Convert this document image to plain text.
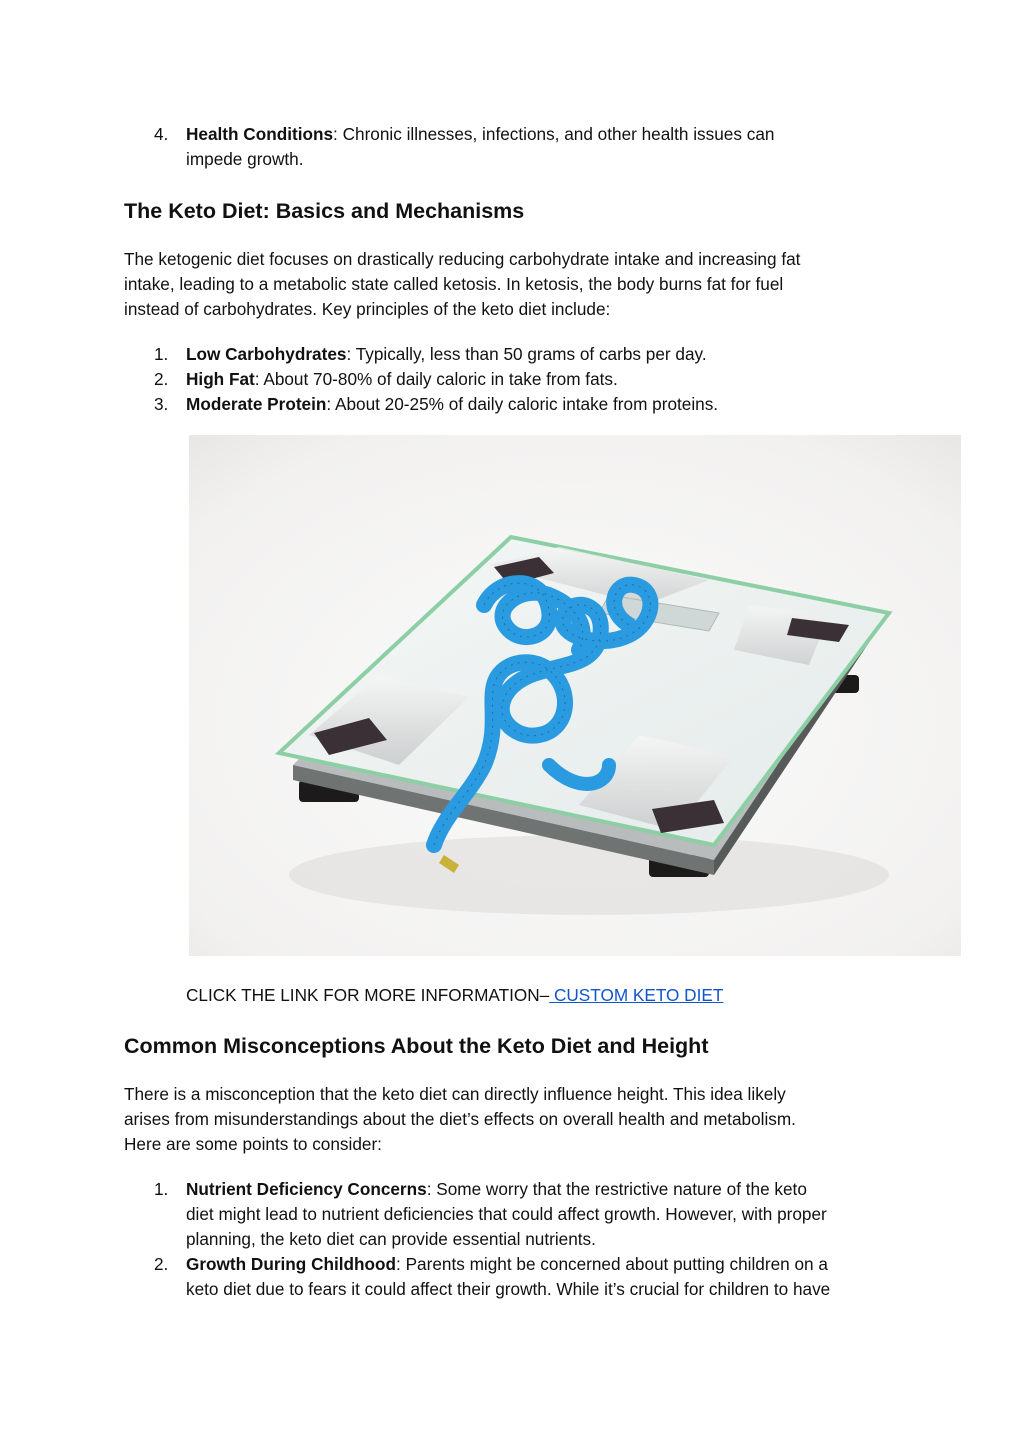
4.	Health Conditions: Chronic illnesses, infections, and other health issues can
impede growth.
The Keto Diet: Basics and Mechanisms
The ketogenic diet focuses on drastically reducing carbohydrate intake and increasing fat
intake, leading to a metabolic state called ketosis. In ketosis, the body burns fat for fuel
instead of carbohydrates. Key principles of the keto diet include:
1.	Low Carbohydrates: Typically, less than 50 grams of carbs per day.
2.	High Fat: About 70-80% of daily caloric in take from fats.
3.	Moderate Protein: About 20-25% of daily caloric intake from proteins.
CLICK THE LINK FOR MORE INFORMATION– CUSTOM KETO DIET
Common Misconceptions About the Keto Diet and Height
There is a misconception that the keto diet can directly influence height. This idea likely
arises from misunderstandings about the diet’s effects on overall health and metabolism.
Here are some points to consider:
1.	Nutrient Deficiency Concerns: Some worry that the restrictive nature of the keto
diet might lead to nutrient deficiencies that could affect growth. However, with proper
planning, the keto diet can provide essential nutrients.
2.	Growth During Childhood: Parents might be concerned about putting children on a
keto diet due to fears it could affect their growth. While it’s crucial for children to have
